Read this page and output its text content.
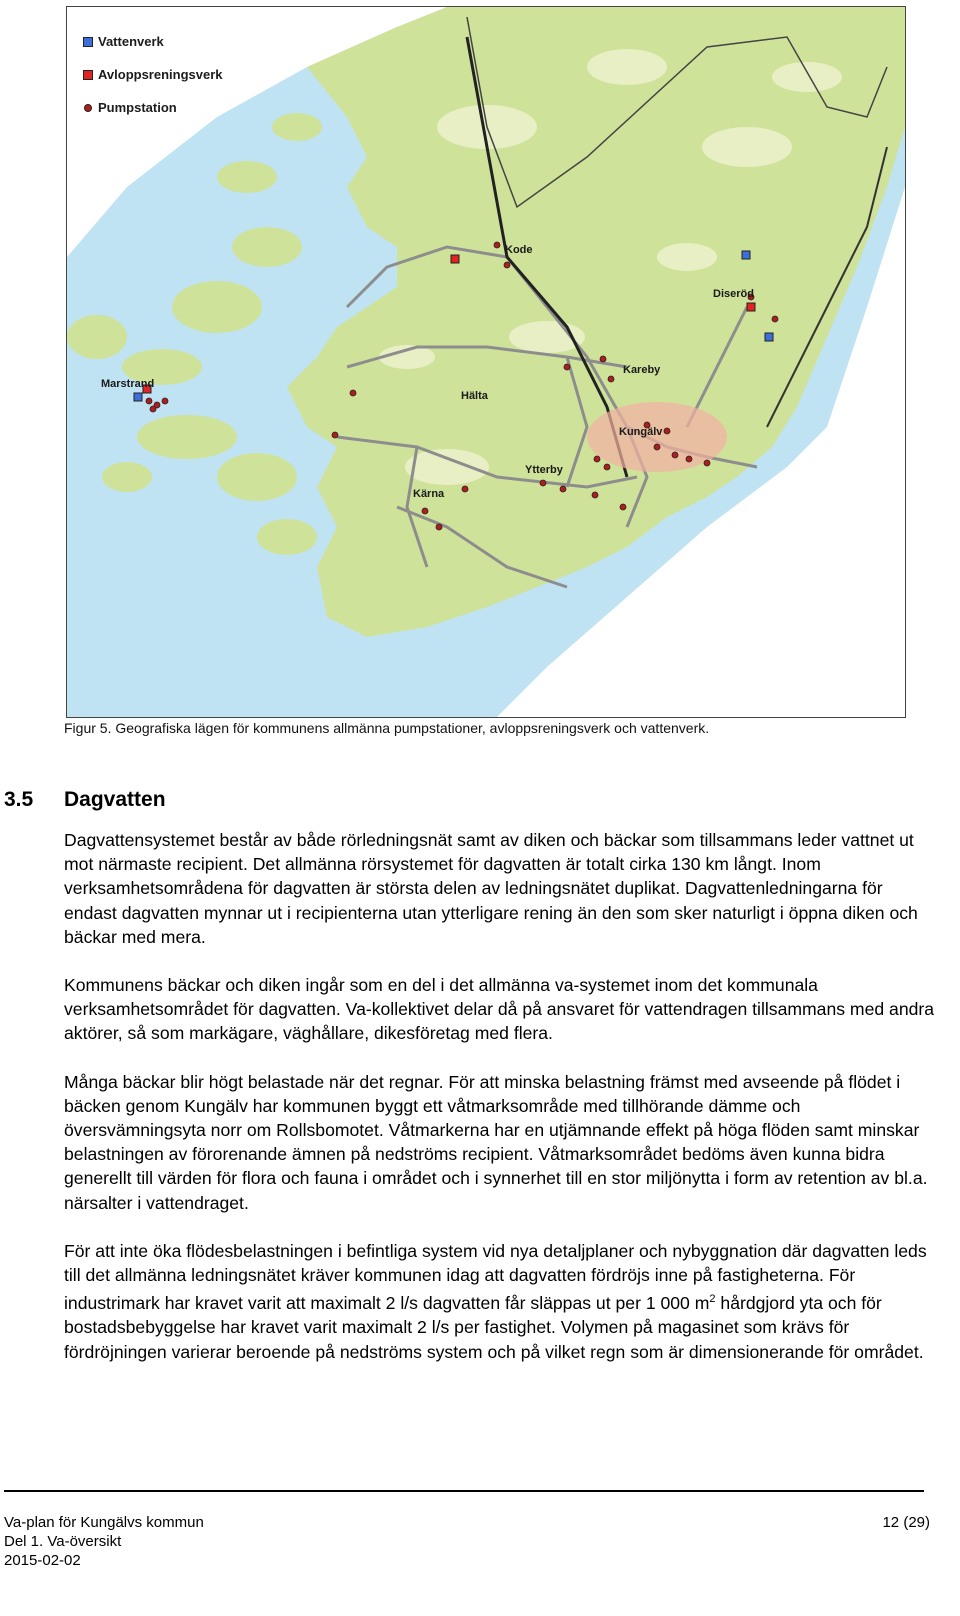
Kode
Diseröd
Marstrand
Kareby
Hälta
Kungälv
Ytterby
Kärna
Vattenverk
Avloppsreningsverk
Pumpstation
Figur 5. Geografiska lägen för kommunens allmänna pumpstationer, avloppsreningsverk och vattenverk.
3.5 Dagvatten

Dagvattensystemet består av både rörledningsnät samt av diken och bäckar som tillsammans leder vattnet ut mot närmaste recipient. Det allmänna rörsystemet för dagvatten är totalt cirka 130 km långt. Inom verksamhetsområdena för dagvatten är största delen av ledningsnätet duplikat. Dagvattenledningarna för endast dagvatten mynnar ut i recipienterna utan ytterligare rening än den som sker naturligt i öppna diken och bäckar med mera.

Kommunens bäckar och diken ingår som en del i det allmänna va-systemet inom det kommunala verksamhetsområdet för dagvatten. Va-kollektivet delar då på ansvaret för vattendragen tillsammans med andra aktörer, så som markägare, väghållare, dikesföretag med flera.

Många bäckar blir högt belastade när det regnar. För att minska belastning främst med avseende på flödet i bäcken genom Kungälv har kommunen byggt ett våtmarksområde med tillhörande dämme och översvämningsyta norr om Rollsbomotet. Våtmarkerna har en utjämnande effekt på höga flöden samt minskar belastningen av förorenande ämnen på nedströms recipient. Våtmarksområdet bedöms även kunna bidra generellt till värden för flora och fauna i området och i synnerhet till en stor miljönytta i form av retention av bl.a. närsalter i vattendraget.

För att inte öka flödesbelastningen i befintliga system vid nya detaljplaner och nybyggnation där dagvatten leds till det allmänna ledningsnätet kräver kommunen idag att dagvatten fördröjs inne på fastigheterna. För industrimark har kravet varit att maximalt 2 l/s dagvatten får släppas ut per 1 000 $m^2$ hårdgjord yta och för bostadsbebyggelse har kravet varit maximalt 2 l/s per fastighet. Volymen på magasinet som krävs för fördröjningen varierar beroende på nedströms system och på vilket regn som är dimensionerande för området.

Va-plan för Kungälvs kommun
Del 1. Va-översikt
2015-02-02
12 (29)
